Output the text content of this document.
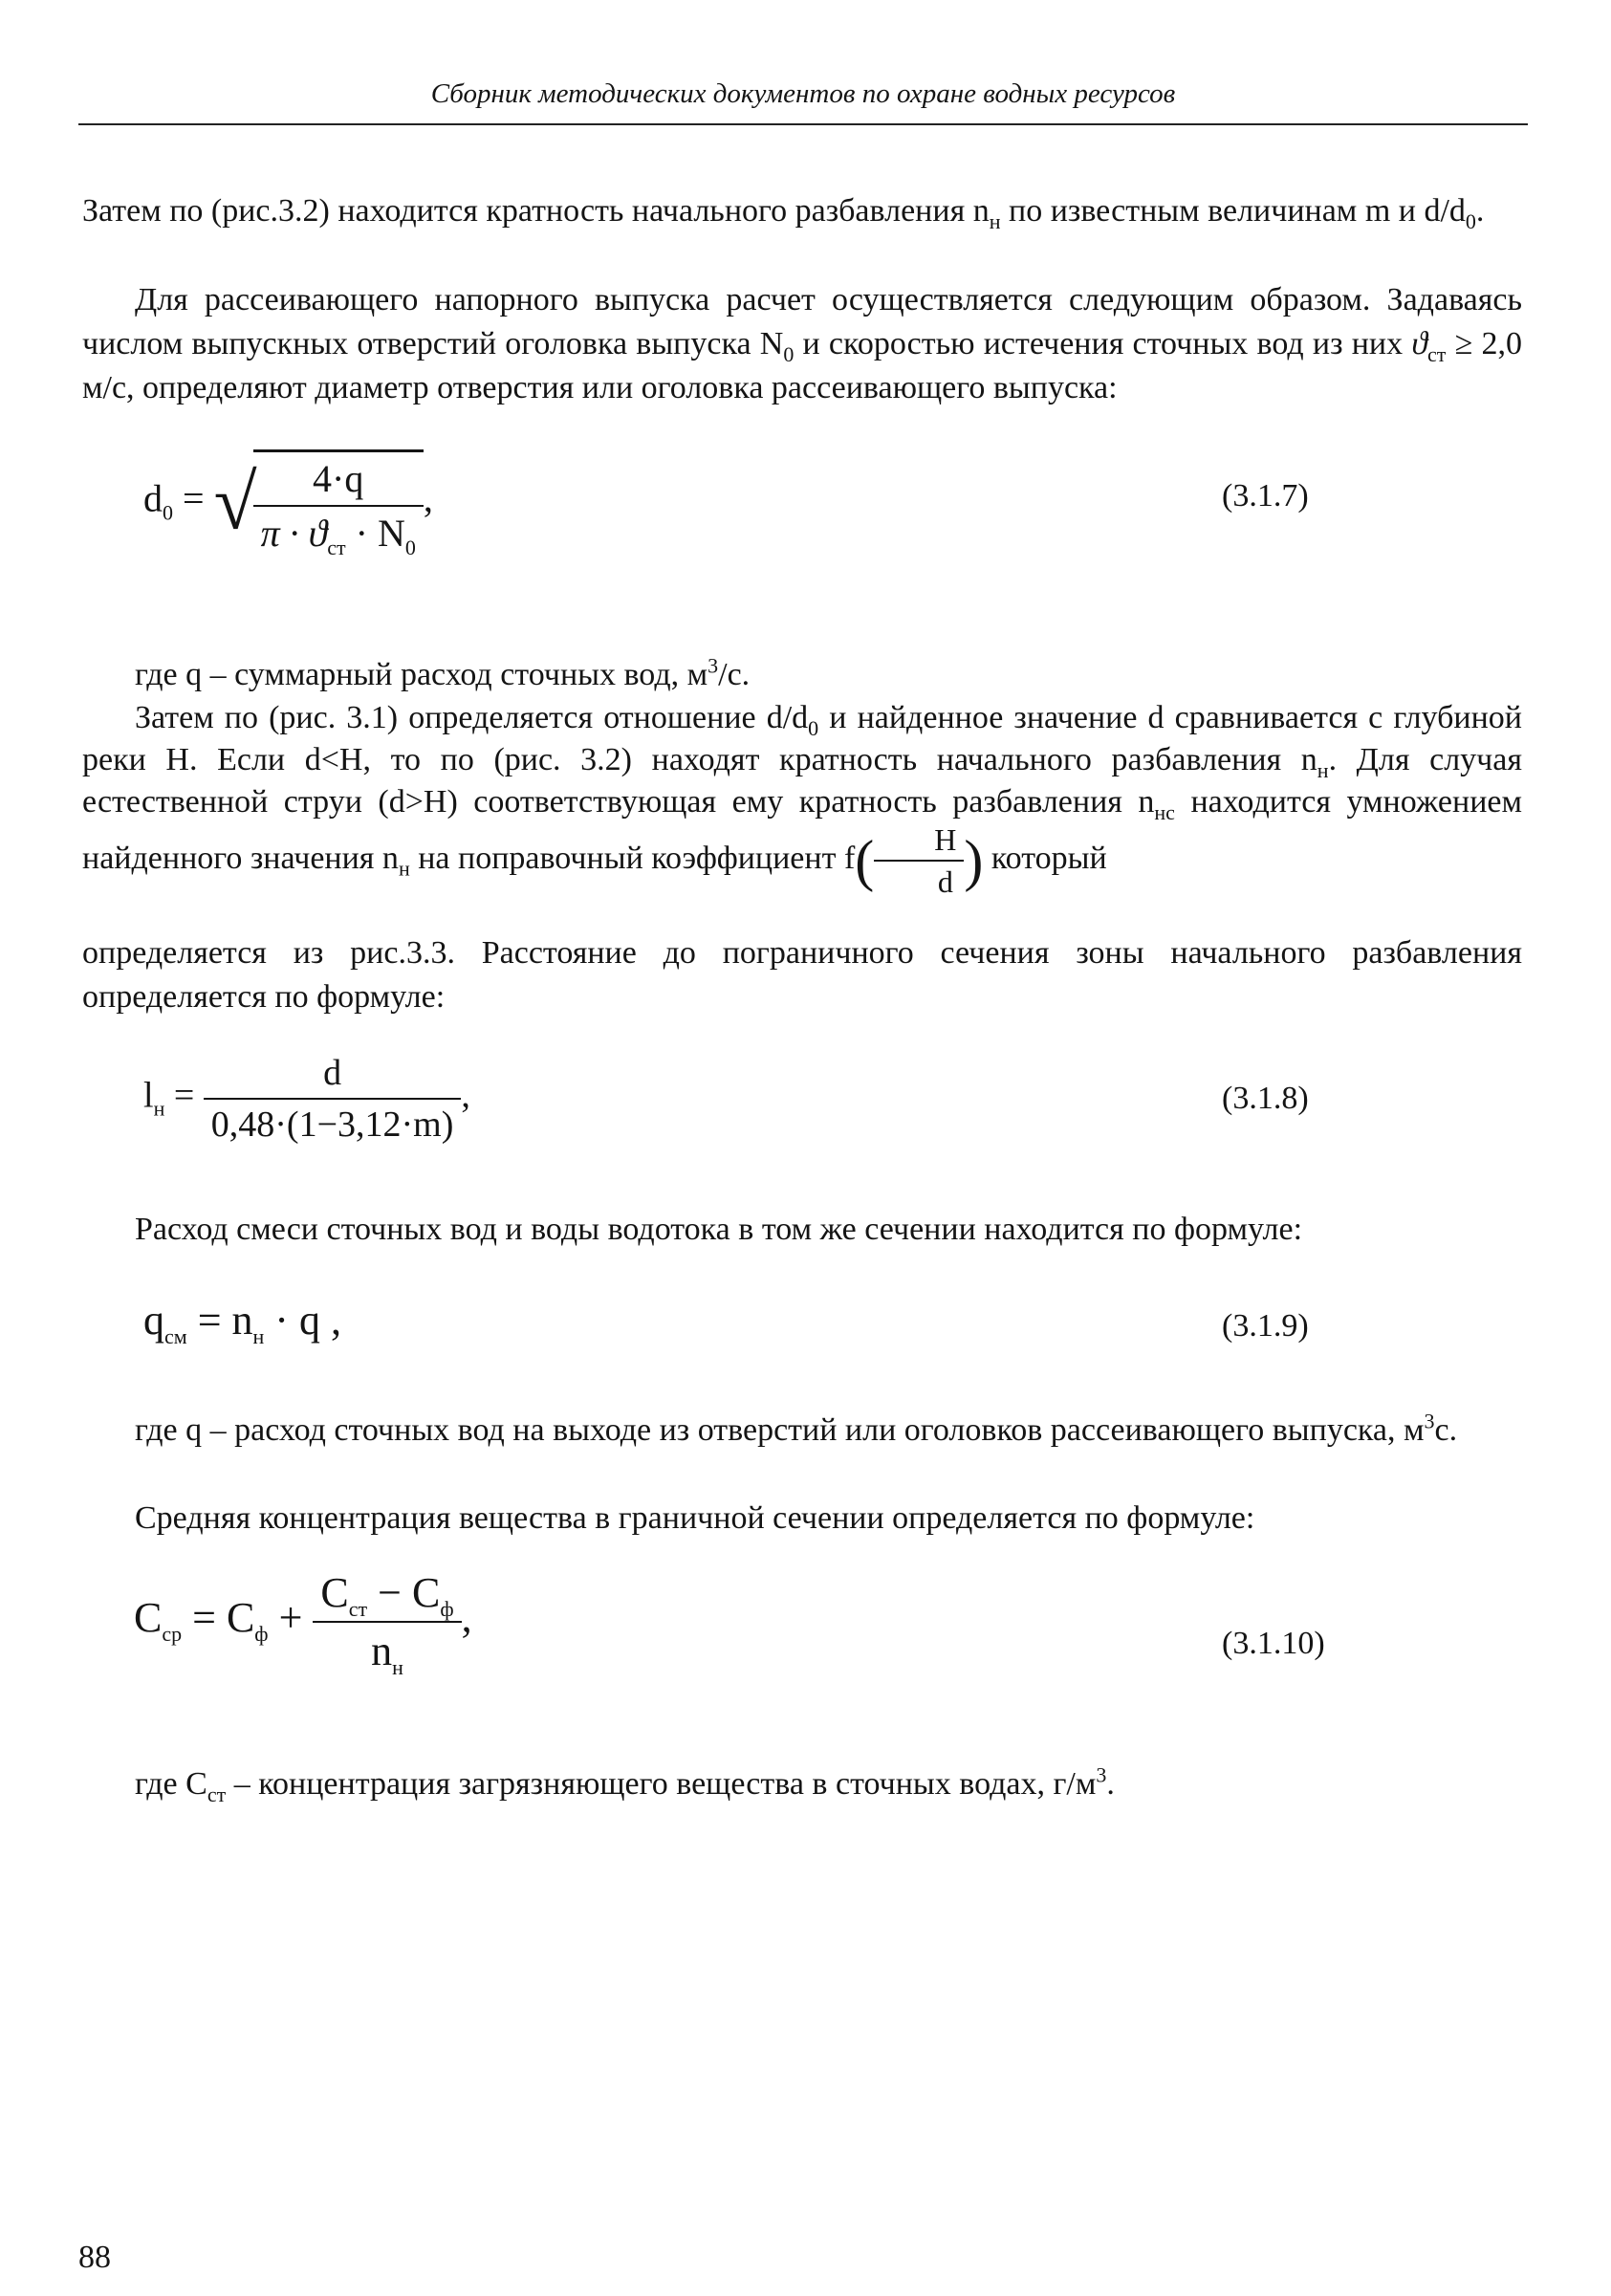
Сборник методических документов по охране водных ресурсов
Затем по (рис.3.2) находится кратность начального разбавления $n_н$ по известным величинам m и $d/d_0$.
Для рассеивающего напорного выпуска расчет осуществляется следующим образом. Задаваясь числом выпускных отверстий оголовка выпуска $N_0$ и скоростью истечения сточных вод из них $ϑ_{ст} \ge 2,0$ м/с, определяют диаметр отверстия или оголовка рассеивающего выпуска:
$d_0$ = √
$\frac{4\cdot q}{\pi \cdot ϑ_{ст} \cdot N_0}$ ,	(3.1.7)
где q – суммарный расход сточных вод, $м^3/с$.
Затем по (рис. 3.1) определяется отношение $d/d_0$ и найденное значение d сравнивается с глубиной реки H. Если d<H, то по (рис. 3.2) находят кратность начального разбавления $n_н$. Для случая естественной струи (d>H) соответствующая ему кратность разбавления $n_{нс}$ находится умножением найденного значения $n_н$ на поправочный коэффициент $f( \frac{H}{d}$ ) который
определяется из рис.3.3. Расстояние до пограничного сечения зоны начального разбавления определяется по формуле:
$l_н = \frac{d}{0,48\cdot(1-3,12\cdot m)}$ ,	(3.1.8)
Расход смеси сточных вод и воды водотока в том же сечении находится по формуле:
$q_{см} = n_н \cdot q$ ,	(3.1.9)
где q – расход сточных вод на выходе из отверстий или оголовков рассеивающего выпуска, $м^3с$.
Средняя концентрация вещества в граничной сечении определяется по формуле:
$C_{ср} = C_ф + \frac{C_{ст} - C_ф}{n_н}$ ,
(3.1.10)
где $C_{ст}$ – концентрация загрязняющего вещества в сточных водах, $г/м^3$.
88
